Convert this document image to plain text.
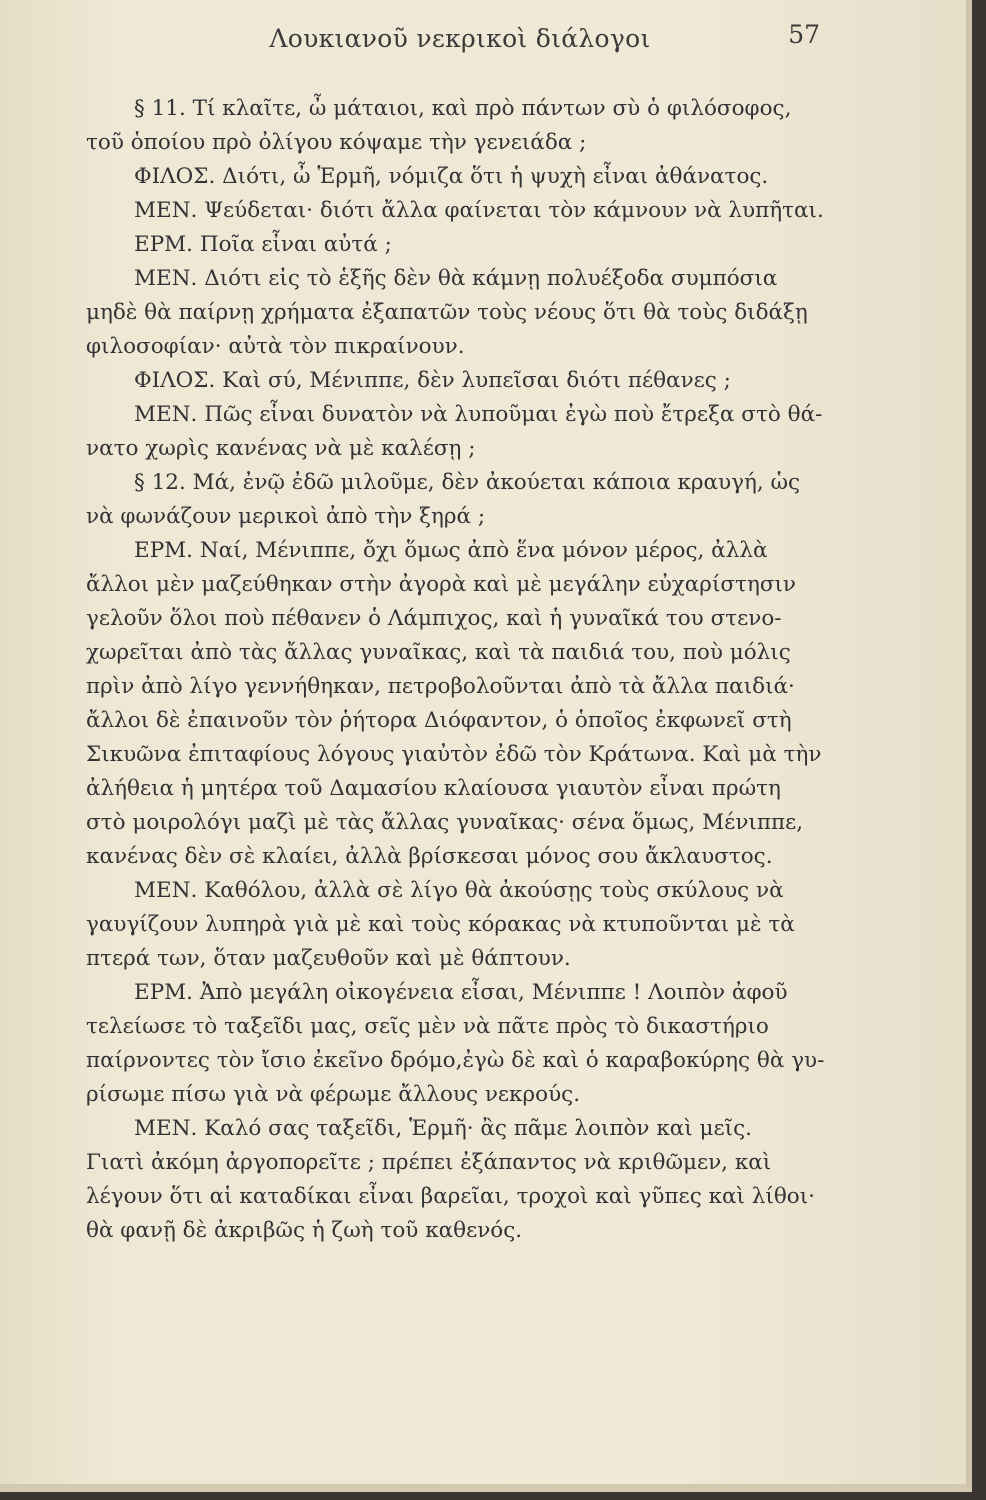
Λουκιανοῦ νεκρικοὶ διάλογοι	57
§ 11. Τί κλαῖτε, ὦ μάταιοι, καὶ πρὸ πάντων σὺ ὁ φιλόσοφος,
τοῦ ὁποίου πρὸ ὀλίγου κόψαμε τὴν γενειάδα ;
ΦΙΛΟΣ. Διότι, ὦ Ἑρμῆ, νόμιζα ὅτι ἡ ψυχὴ εἶναι ἀθάνατος.
ΜΕΝ. Ψεύδεται· διότι ἄλλα φαίνεται τὸν κάμνουν νὰ λυπῆται.
ΕΡΜ. Ποῖα εἶναι αὐτά ;
ΜΕΝ. Διότι εἰς τὸ ἑξῆς δὲν θὰ κάμνῃ πολυέξοδα συμπόσια
μηδὲ θὰ παίρνῃ χρήματα ἐξαπατῶν τοὺς νέους ὅτι θὰ τοὺς διδάξῃ
φιλοσοφίαν· αὐτὰ τὸν πικραίνουν.
ΦΙΛΟΣ. Καὶ σύ, Μένιππε, δὲν λυπεῖσαι διότι πέθανες ;
ΜΕΝ. Πῶς εἶναι δυνατὸν νὰ λυποῦμαι ἐγὼ ποὺ ἔτρεξα στὸ θά-
νατο χωρὶς κανένας νὰ μὲ καλέσῃ ;
§ 12. Μά, ἐνῷ ἐδῶ μιλοῦμε, δὲν ἀκούεται κάποια κραυγή, ὡς
νὰ φωνάζουν μερικοὶ ἀπὸ τὴν ξηρά ;
ΕΡΜ. Ναί, Μένιππε, ὄχι ὅμως ἀπὸ ἕνα μόνον μέρος, ἀλλὰ
ἄλλοι μὲν μαζεύθηκαν στὴν ἀγορὰ καὶ μὲ μεγάλην εὐχαρίστησιν
γελοῦν ὅλοι ποὺ πέθανεν ὁ Λάμπιχος, καὶ ἡ γυναῖκά του στενο-
χωρεῖται ἀπὸ τὰς ἄλλας γυναῖκας, καὶ τὰ παιδιά του, ποὺ μόλις
πρὶν ἀπὸ λίγο γεννήθηκαν, πετροβολοῦνται ἀπὸ τὰ ἄλλα παιδιά·
ἄλλοι δὲ ἐπαινοῦν τὸν ῥήτορα Διόφαντον, ὁ ὁποῖος ἐκφωνεῖ στὴ
Σικυῶνα ἐπιταφίους λόγους γιαὐτὸν ἐδῶ τὸν Κράτωνα. Καὶ μὰ τὴν
ἀλήθεια ἡ μητέρα τοῦ Δαμασίου κλαίουσα γιαυτὸν εἶναι πρώτη
στὸ μοιρολόγι μαζὶ μὲ τὰς ἄλλας γυναῖκας· σένα ὅμως, Μένιππε,
κανένας δὲν σὲ κλαίει, ἀλλὰ βρίσκεσαι μόνος σου ἄκλαυστος.
ΜΕΝ. Καθόλου, ἀλλὰ σὲ λίγο θὰ ἀκούσῃς τοὺς σκύλους νὰ
γαυγίζουν λυπηρὰ γιὰ μὲ καὶ τοὺς κόρακας νὰ κτυποῦνται μὲ τὰ
πτερά των, ὅταν μαζευθοῦν καὶ μὲ θάπτουν.
ΕΡΜ. Ἀπὸ μεγάλη οἰκογένεια εἶσαι, Μένιππε ! Λοιπὸν ἀφοῦ
τελείωσε τὸ ταξεῖδι μας, σεῖς μὲν νὰ πᾶτε πρὸς τὸ δικαστήριο
παίρνοντες τὸν ἴσιο ἐκεῖνο δρόμο,ἐγὼ δὲ καὶ ὁ καραβοκύρης θὰ γυ-
ρίσωμε πίσω γιὰ νὰ φέρωμε ἄλλους νεκρούς.
ΜΕΝ. Καλό σας ταξεῖδι, Ἑρμῆ· ἂς πᾶμε λοιπὸν καὶ μεῖς.
Γιατὶ ἀκόμη ἀργοπορεῖτε ; πρέπει ἐξάπαντος νὰ κριθῶμεν, καὶ
λέγουν ὅτι αἱ καταδίκαι εἶναι βαρεῖαι, τροχοὶ καὶ γῦπες καὶ λίθοι·
θὰ φανῇ δὲ ἀκριβῶς ἡ ζωὴ τοῦ καθενός.
